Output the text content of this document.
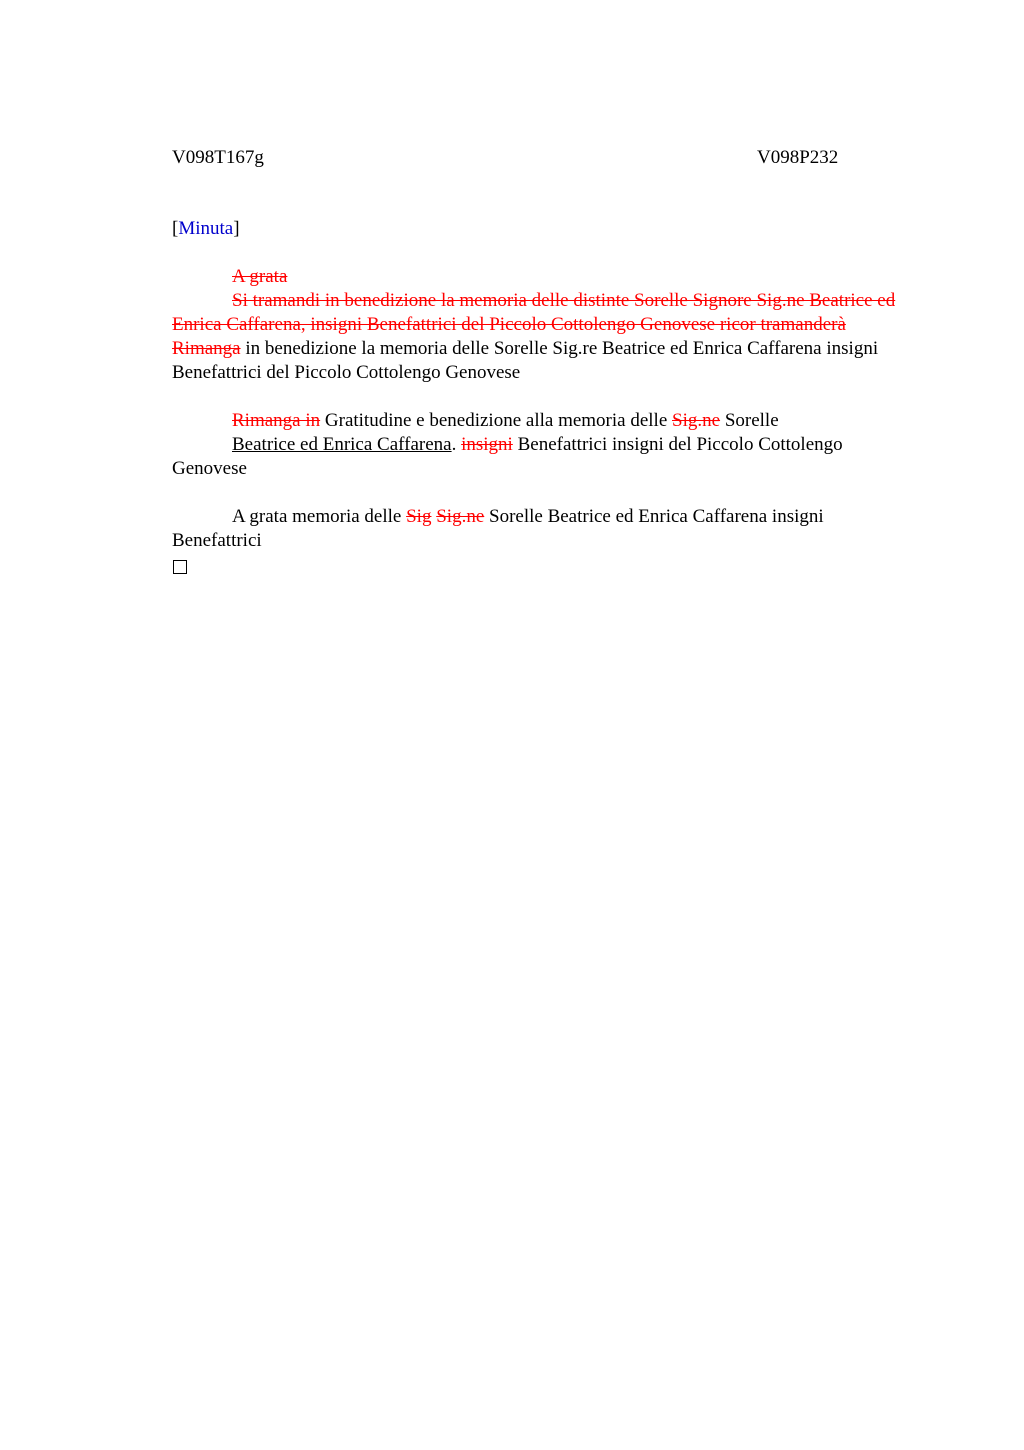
V098T167g	V098P232
[Minuta]

A grata

Si tramandi in benedizione la memoria delle distinte Sorelle Signore Sig.ne Beatrice ed Enrica Caffarena, insigni Benefattrici del Piccolo Cottolengo Genovese ricor tramanderà Rimanga in benedizione la memoria delle Sorelle Sig.re Beatrice ed Enrica Caffarena insigni Benefattrici del Piccolo Cottolengo Genovese

Rimanga in Gratitudine e benedizione alla memoria delle Sig.ne Sorelle
Beatrice ed Enrica Caffarena. insigni Benefattrici insigni del Piccolo Cottolengo Genovese

A grata memoria delle Sig Sig.ne Sorelle Beatrice ed Enrica Caffarena insigni Benefattrici
